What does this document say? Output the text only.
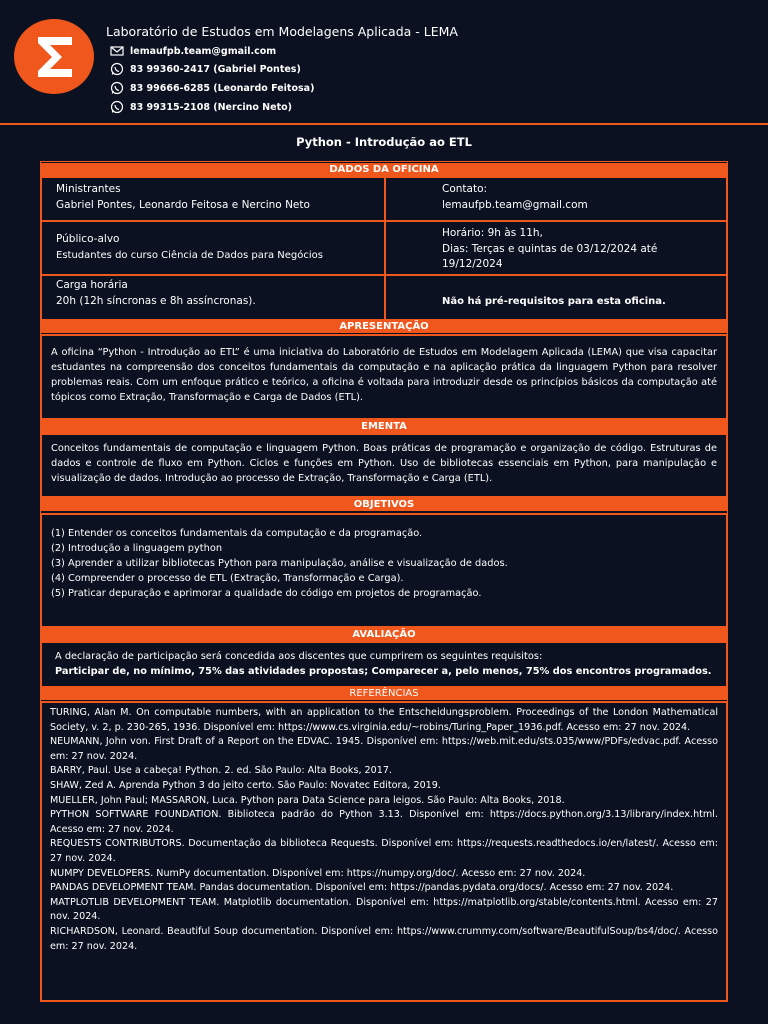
Laboratório de Estudos em Modelagens Aplicada - LEMA
lemaufpb.team@gmail.com
83 99360-2417 (Gabriel Pontes)
83 99666-6285 (Leonardo Feitosa)
83 99315-2108 (Nercino Neto)
Python - Introdução ao ETL
DADOS DA OFICINA
Ministrantes
Gabriel Pontes, Leonardo Feitosa e Nercino Neto
Contato:
lemaufpb.team@gmail.com
Público-alvo
Estudantes do curso Ciência de Dados para Negócios
Horário: 9h às 11h,
Dias: Terças e quintas de 03/12/2024 até 19/12/2024
Carga horária
20h (12h síncronas e 8h assíncronas).	Não há pré-requisitos para esta oficina.
APRESENTAÇÃO
A oficina “Python - Introdução ao ETL” é uma iniciativa do Laboratório de Estudos em Modelagem Aplicada (LEMA) que visa capacitar estudantes na compreensão dos conceitos fundamentais da computação e na aplicação prática da linguagem Python para resolver problemas reais. Com um enfoque prático e teórico, a oficina é voltada para introduzir desde os princípios básicos da computação até tópicos como Extração, Transformação e Carga de Dados (ETL).
EMENTA
Conceitos fundamentais de computação e linguagem Python. Boas práticas de programação e organização de código. Estruturas de dados e controle de fluxo em Python. Ciclos e funções em Python. Uso de bibliotecas essenciais em Python, para manipulação e visualização de dados. Introdução ao processo de Extração, Transformação e Carga (ETL).
OBJETIVOS

(1) Entender os conceitos fundamentais da computação e da programação.

(2) Introdução a linguagem python

(3) Aprender a utilizar bibliotecas Python para manipulação, análise e visualização de dados.

(4) Compreender o processo de ETL (Extração, Transformação e Carga).

(5) Praticar depuração e aprimorar a qualidade do código em projetos de programação.

AVALIAÇÃO
A declaração de participação será concedida aos discentes que cumprirem os seguintes requisitos:
Participar de, no mínimo, 75% das atividades propostas; Comparecer a, pelo menos, 75% dos encontros programados.
REFERÊNCIAS

TURING, Alan M. On computable numbers, with an application to the Entscheidungsproblem. Proceedings of the London Mathematical Society, v. 2, p. 230-265, 1936. Disponível em: https://www.cs.virginia.edu/~robins/Turing_Paper_1936.pdf. Acesso em: 27 nov. 2024.

NEUMANN, John von. First Draft of a Report on the EDVAC. 1945. Disponível em: https://web.mit.edu/sts.035/www/PDFs/edvac.pdf. Acesso em: 27 nov. 2024.

BARRY, Paul. Use a cabeça! Python. 2. ed. São Paulo: Alta Books, 2017.

SHAW, Zed A. Aprenda Python 3 do jeito certo. São Paulo: Novatec Editora, 2019.

MUELLER, John Paul; MASSARON, Luca. Python para Data Science para leigos. São Paulo: Alta Books, 2018.

PYTHON SOFTWARE FOUNDATION. Biblioteca padrão do Python 3.13. Disponível em: https://docs.python.org/3.13/library/index.html. Acesso em: 27 nov. 2024.

REQUESTS CONTRIBUTORS. Documentação da biblioteca Requests. Disponível em: https://requests.readthedocs.io/en/latest/. Acesso em: 27 nov. 2024.

NUMPY DEVELOPERS. NumPy documentation. Disponível em: https://numpy.org/doc/. Acesso em: 27 nov. 2024.

PANDAS DEVELOPMENT TEAM. Pandas documentation. Disponível em: https://pandas.pydata.org/docs/. Acesso em: 27 nov. 2024.

MATPLOTLIB DEVELOPMENT TEAM. Matplotlib documentation. Disponível em: https://matplotlib.org/stable/contents.html. Acesso em: 27 nov. 2024.

RICHARDSON, Leonard. Beautiful Soup documentation. Disponível em: https://www.crummy.com/software/BeautifulSoup/bs4/doc/. Acesso em: 27 nov. 2024.
